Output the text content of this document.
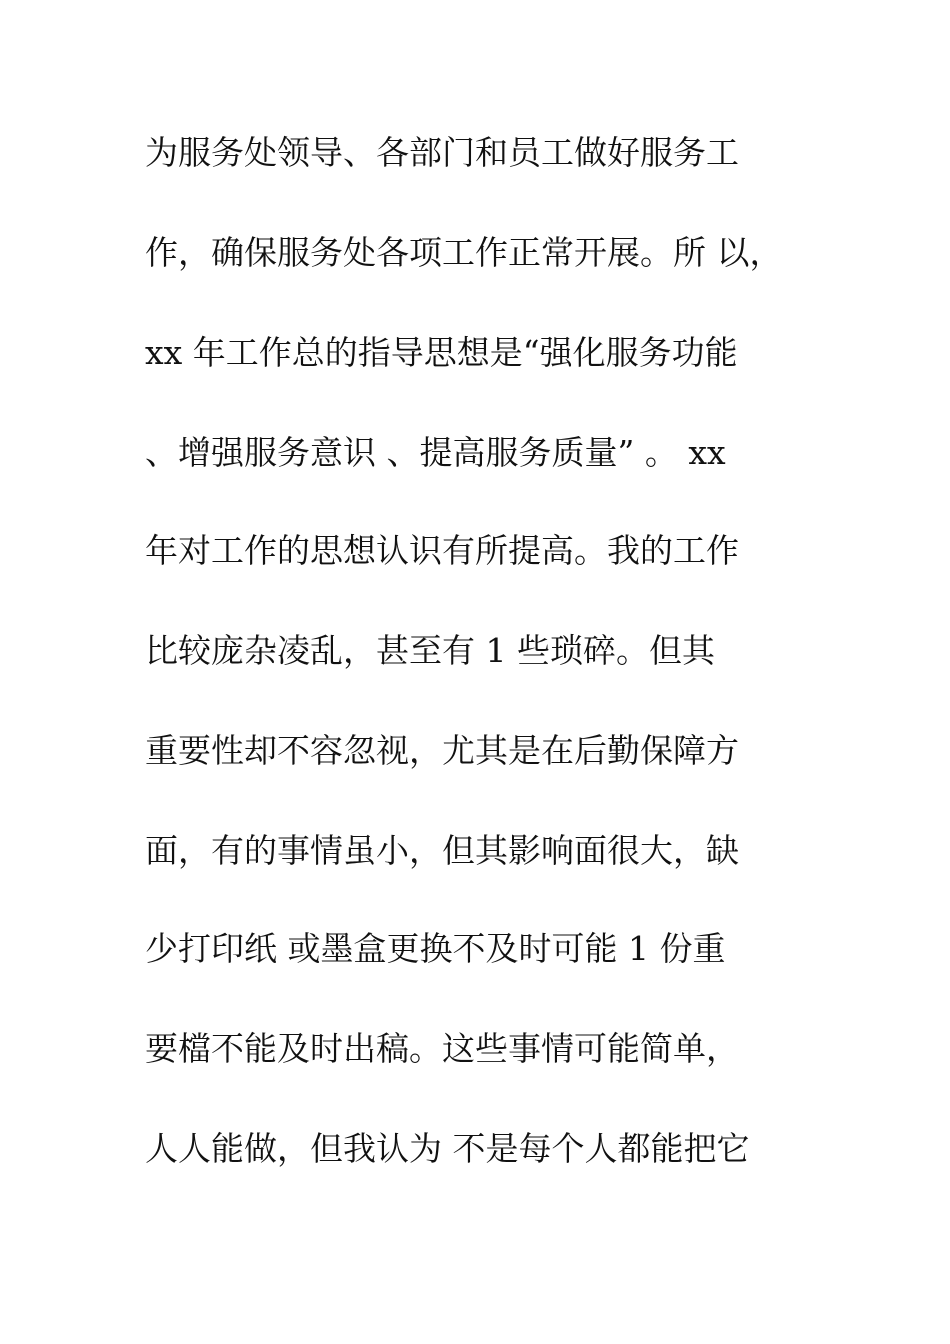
为服务处领导、各部门和员工做好服务工
作，确保服务处各项工作正常开展。所 以，
xx 年工作总的指导思想是“强化服务功能
、增强服务意识 、提高服务质量” 。 xx
年对工作的思想认识有所提高。我的工作
比较庞杂凌乱，甚至有 1 些琐碎。但其
重要性却不容忽视，尤其是在后勤保障方
面，有的事情虽小，但其影响面很大，缺
少打印纸 或墨盒更换不及时可能 1 份重
要檔不能及时出稿。这些事情可能简单，
人人能做，但我认为 不是每个人都能把它
